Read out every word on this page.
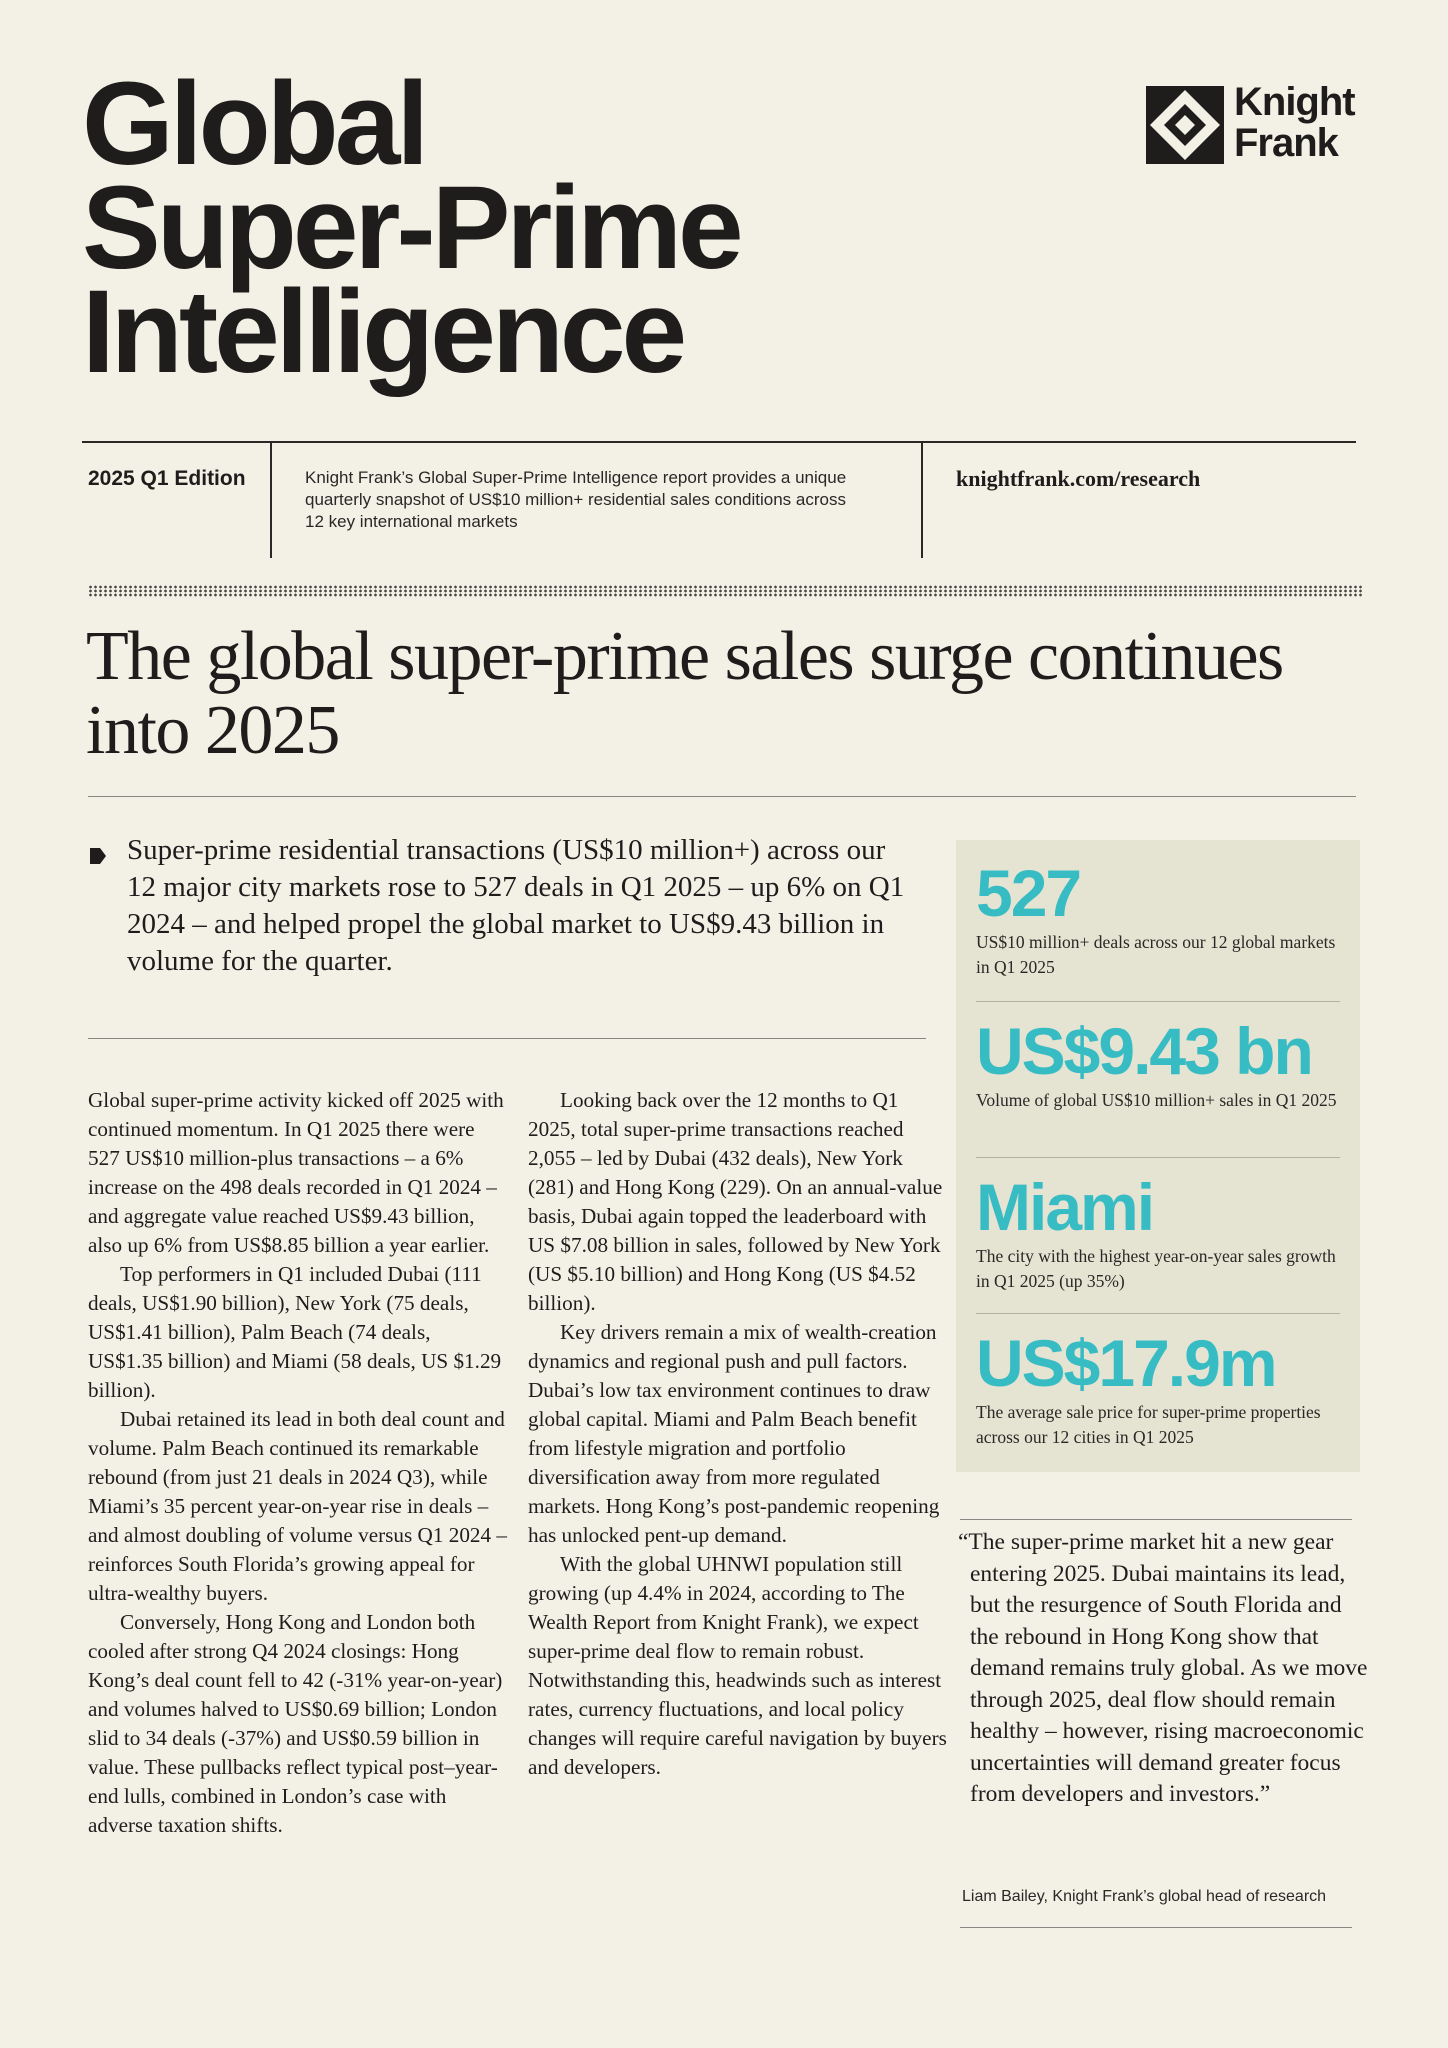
Global
Super-Prime
Intelligence
Knight
Frank
2025 Q1 Edition	Knight Frank’s Global Super-Prime Intelligence report provides a unique quarterly snapshot of US$10 million+ residential sales conditions across 12 key international markets
knightfrank.com/research
The global super-prime sales surge continues into 2025
Super-prime residential transactions (US$10 million+) across our 12 major city markets rose to 527 deals in Q1 2025 – up 6% on Q1 2024 – and helped propel the global market to US$9.43 billion in volume for the quarter.

Global super-prime activity kicked off 2025 with continued momentum. In Q1 2025 there were 527 US$10 million-plus transactions – a 6% increase on the 498 deals recorded in Q1 2024 – and aggregate value reached US$9.43 billion, also up 6% from US$8.85 billion a year earlier.

Top performers in Q1 included Dubai (111 deals, US$1.90 billion), New York (75 deals, US$1.41 billion), Palm Beach (74 deals, US$1.35 billion) and Miami (58 deals, US $1.29 billion).

Dubai retained its lead in both deal count and volume. Palm Beach continued its remarkable rebound (from just 21 deals in 2024 Q3), while Miami’s 35 percent year-on-year rise in deals – and almost doubling of volume versus Q1 2024 – reinforces South Florida’s growing appeal for ultra-wealthy buyers.

Conversely, Hong Kong and London both cooled after strong Q4 2024 closings: Hong Kong’s deal count fell to 42 (-31% year-on-year) and volumes halved to US$0.69 billion; London slid to 34 deals (-37%) and US$0.59 billion in value. These pullbacks reflect typical post–year-end lulls, combined in London’s case with adverse taxation shifts.

Looking back over the 12 months to Q1 2025, total super-prime transactions reached 2,055 – led by Dubai (432 deals), New York (281) and Hong Kong (229). On an annual-value basis, Dubai again topped the leaderboard with US $7.08 billion in sales, followed by New York (US $5.10 billion) and Hong Kong (US $4.52 billion).

Key drivers remain a mix of wealth-creation dynamics and regional push and pull factors. Dubai’s low tax environment continues to draw global capital. Miami and Palm Beach benefit from lifestyle migration and portfolio diversification away from more regulated markets. Hong Kong’s post-pandemic reopening has unlocked pent-up demand.

With the global UHNWI population still growing (up 4.4% in 2024, according to The Wealth Report from Knight Frank), we expect super-prime deal flow to remain robust. Notwithstanding this, headwinds such as interest rates, currency fluctuations, and local policy changes will require careful navigation by buyers and developers.

527
US$10 million+ deals across our 12 global markets in Q1 2025
US$9.43 bn
Volume of global US$10 million+ sales in Q1 2025
Miami
The city with the highest year-on-year sales growth in Q1 2025 (up 35%)
US$17.9m
The average sale price for super-prime properties across our 12 cities in Q1 2025
“The super-prime market hit a new gear entering 2025. Dubai maintains its lead, but the resurgence of South Florida and the rebound in Hong Kong show that demand remains truly global. As we move through 2025, deal flow should remain healthy – however, rising macroeconomic uncertainties will demand greater focus from developers and investors.”
Liam Bailey, Knight Frank’s global head of research
